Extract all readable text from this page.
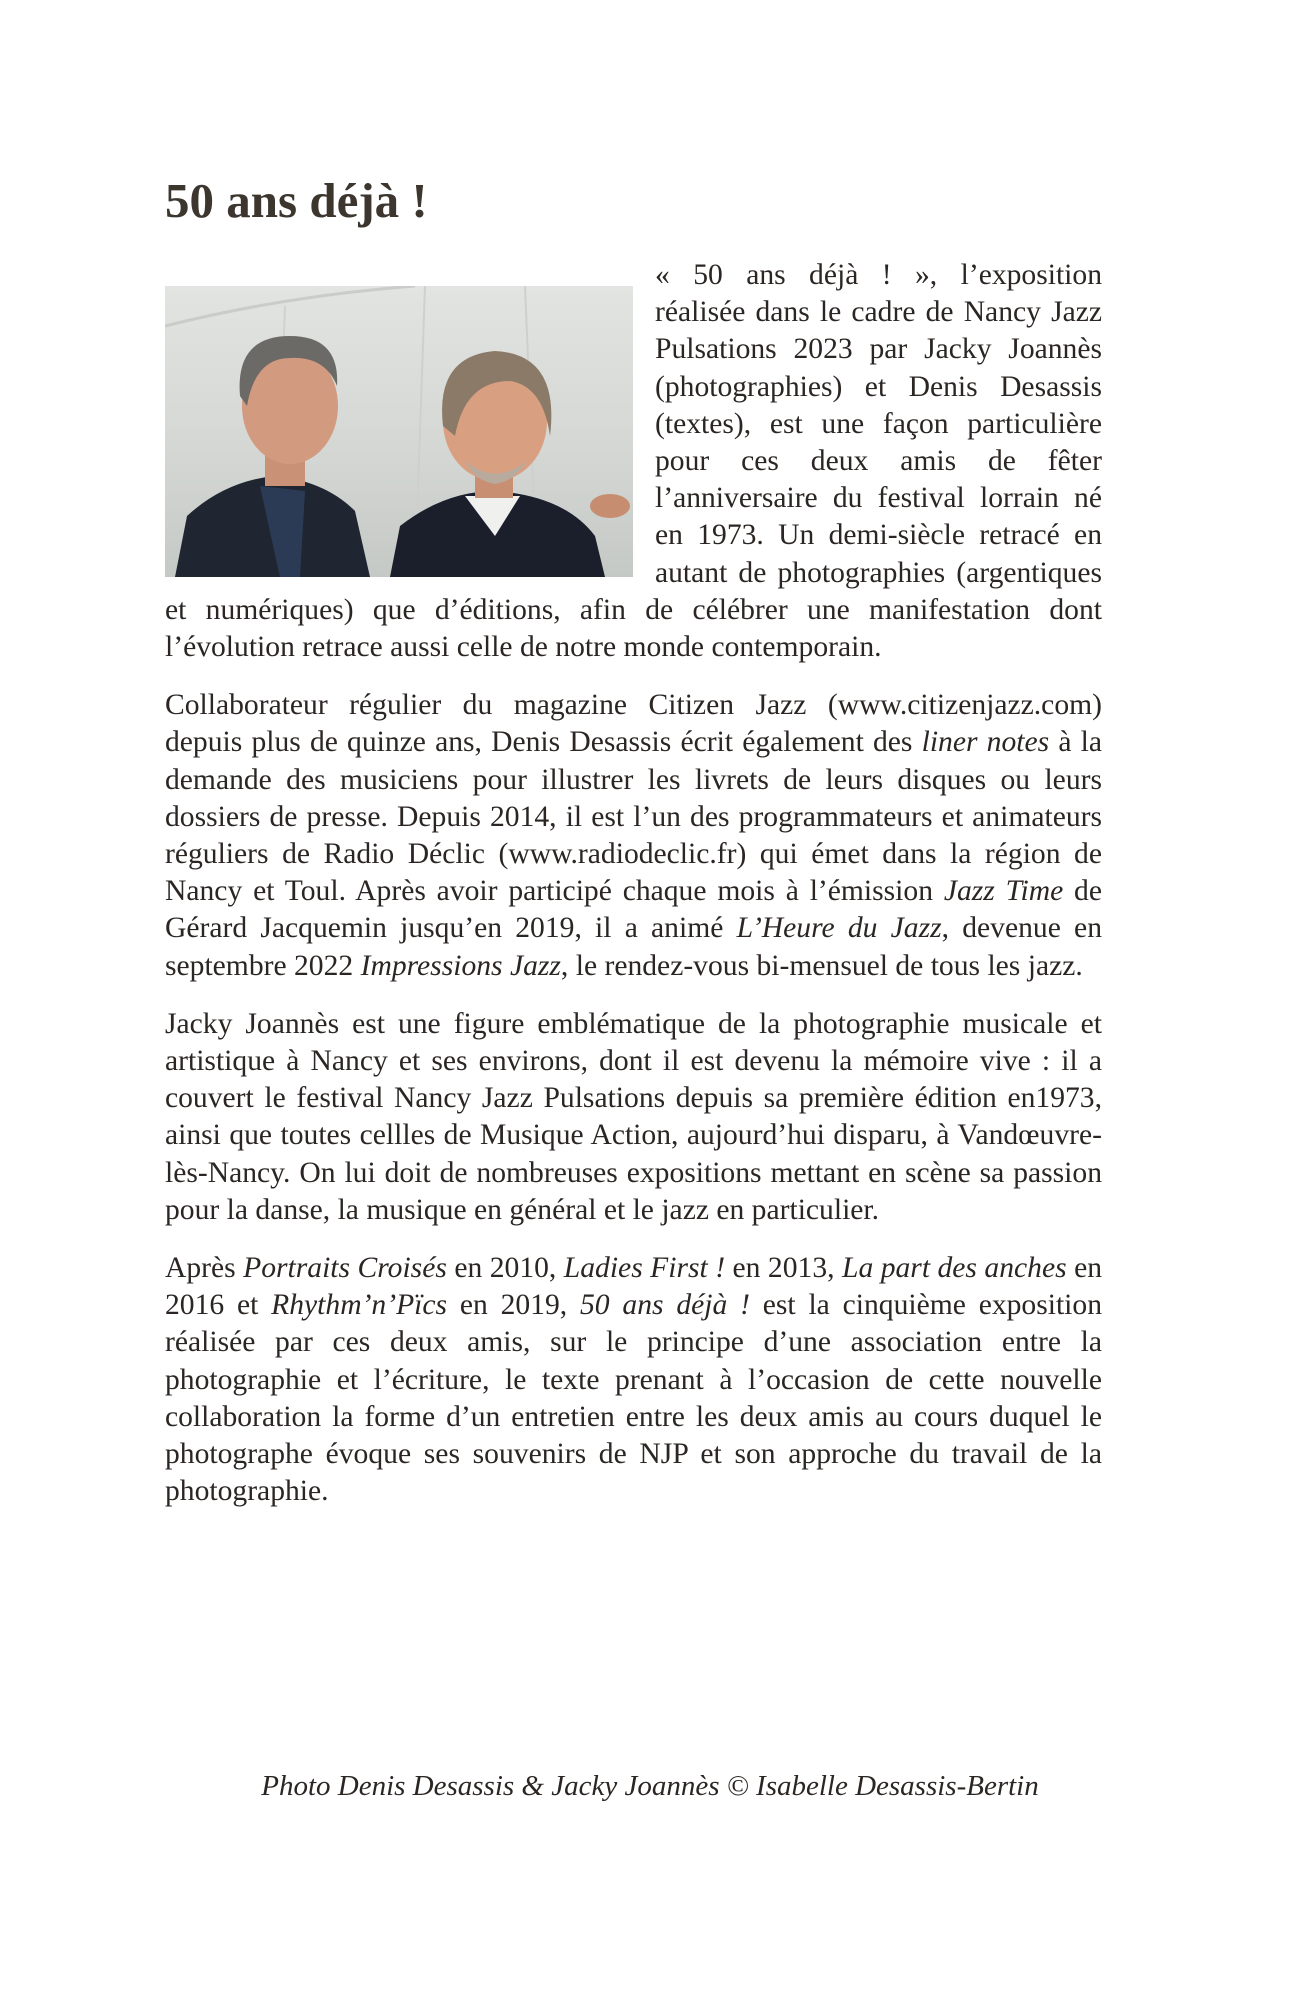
50 ans déjà !

« 50 ans déjà ! », l’exposition réalisée dans le cadre de Nancy Jazz Pulsations 2023 par Jacky Joannès (photographies) et Denis Desassis (textes), est une façon particulière pour ces deux amis de fêter l’anniversaire du festival lorrain né en 1973. Un demi-siècle retracé en autant de photographies (argentiques et numériques) que d’éditions, afin de célébrer une manifestation dont l’évolution retrace aussi celle de notre monde contemporain.

Collaborateur régulier du magazine Citizen Jazz (www.citizenjazz.com) depuis plus de quinze ans, Denis Desassis écrit également des liner notes à la demande des musiciens pour illustrer les livrets de leurs disques ou leurs dossiers de presse. Depuis 2014, il est l’un des programmateurs et animateurs réguliers de Radio Déclic (www.radiodeclic.fr) qui émet dans la région de Nancy et Toul. Après avoir participé chaque mois à l’émission Jazz Time de Gérard Jacquemin jusqu’en 2019, il a animé L’Heure du Jazz, devenue en septembre 2022 Impressions Jazz, le rendez-vous bi-mensuel de tous les jazz.

Jacky Joannès est une figure emblématique de la photographie musicale et artistique à Nancy et ses environs, dont il est devenu la mémoire vive : il a couvert le festival Nancy Jazz Pulsations depuis sa première édition en1973, ainsi que toutes cellles de Musique Action, aujourd’hui disparu, à Vandœuvre-lès-Nancy. On lui doit de nombreuses expositions mettant en scène sa passion pour la danse, la musique en général et le jazz en particulier.

Après Portraits Croisés en 2010, Ladies First ! en 2013, La part des anches en 2016 et Rhythm’n’Pïcs en 2019, 50 ans déjà ! est la cinquième exposition réalisée par ces deux amis, sur le principe d’une association entre la photographie et l’écriture, le texte prenant à l’occasion de cette nouvelle collaboration la forme d’un entretien entre les deux amis au cours duquel le photographe évoque ses souvenirs de NJP et son approche du travail de la photographie.

Photo Denis Desassis & Jacky Joannès © Isabelle Desassis-Bertin
